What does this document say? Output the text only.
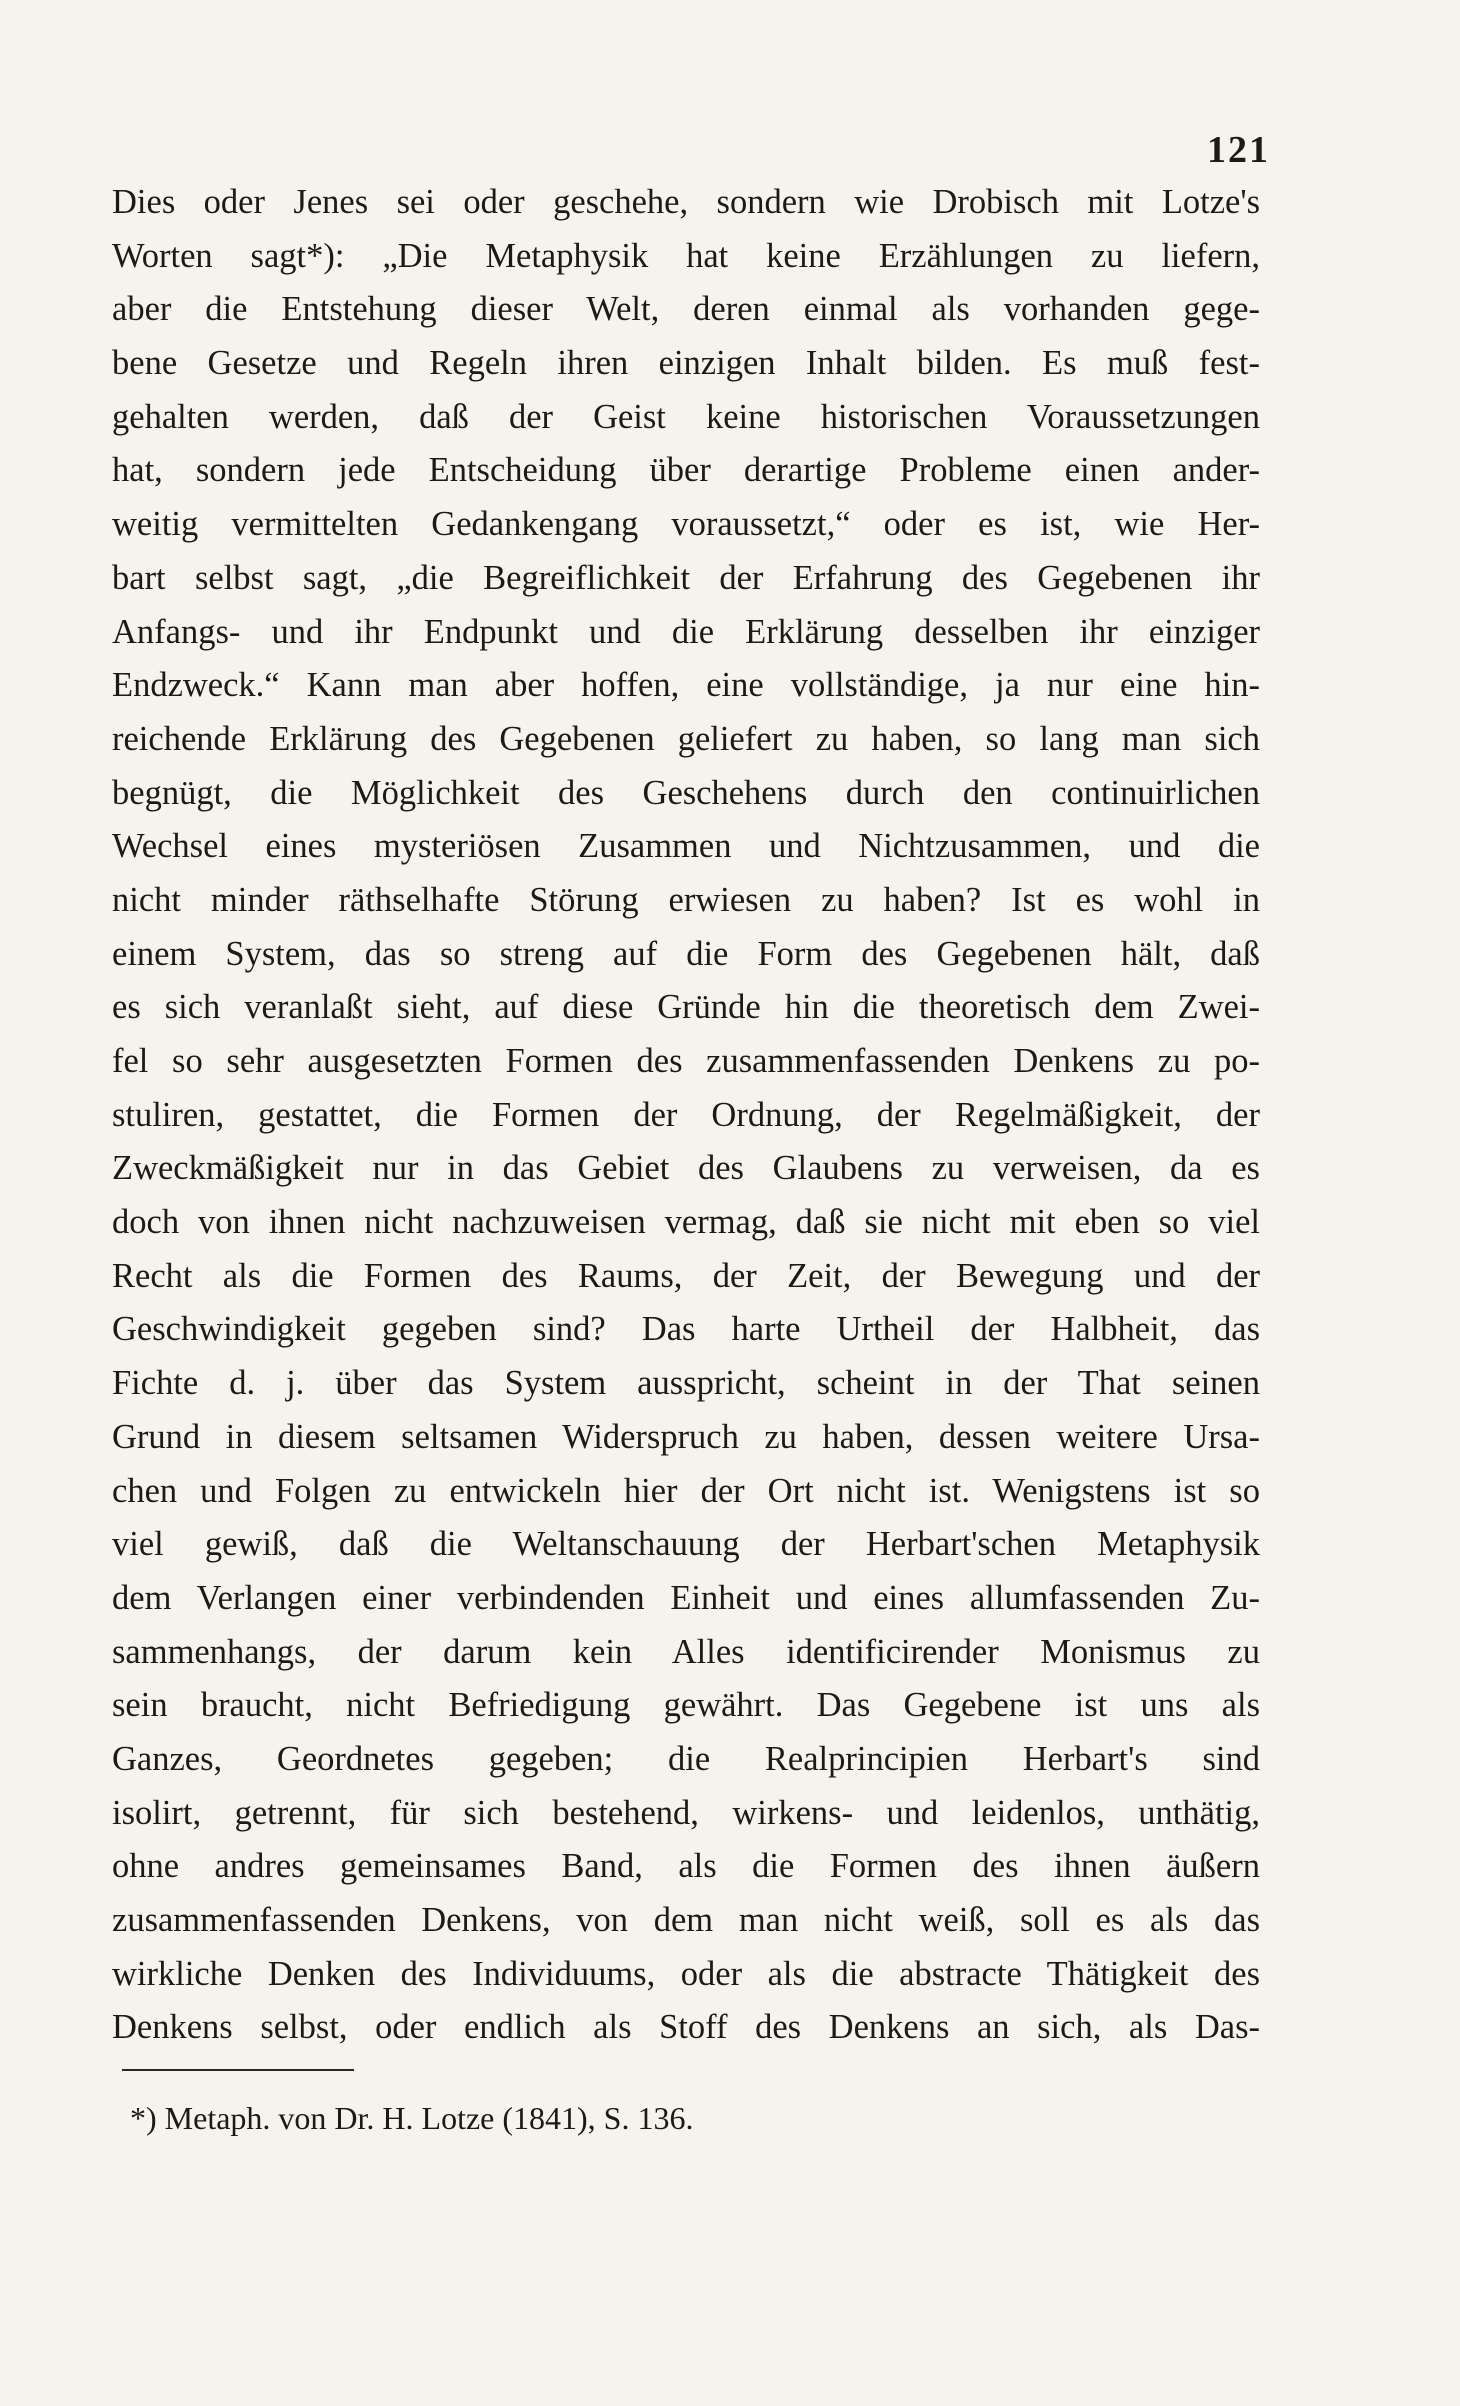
121
Dies oder Jenes sei oder geschehe, sondern wie Drobisch mit Lotze's
Worten sagt*): „Die Metaphysik hat keine Erzählungen zu liefern,
aber die Entstehung dieser Welt, deren einmal als vorhanden gege-
bene Gesetze und Regeln ihren einzigen Inhalt bilden. Es muß fest-
gehalten werden, daß der Geist keine historischen Voraussetzungen
hat, sondern jede Entscheidung über derartige Probleme einen ander-
weitig vermittelten Gedankengang voraussetzt,“ oder es ist, wie Her-
bart selbst sagt, „die Begreiflichkeit der Erfahrung des Gegebenen ihr
Anfangs- und ihr Endpunkt und die Erklärung desselben ihr einziger
Endzweck.“ Kann man aber hoffen, eine vollständige, ja nur eine hin-
reichende Erklärung des Gegebenen geliefert zu haben, so lang man sich
begnügt, die Möglichkeit des Geschehens durch den continuirlichen
Wechsel eines mysteriösen Zusammen und Nichtzusammen, und die
nicht minder räthselhafte Störung erwiesen zu haben? Ist es wohl in
einem System, das so streng auf die Form des Gegebenen hält, daß
es sich veranlaßt sieht, auf diese Gründe hin die theoretisch dem Zwei-
fel so sehr ausgesetzten Formen des zusammenfassenden Denkens zu po-
stuliren, gestattet, die Formen der Ordnung, der Regelmäßigkeit, der
Zweckmäßigkeit nur in das Gebiet des Glaubens zu verweisen, da es
doch von ihnen nicht nachzuweisen vermag, daß sie nicht mit eben so viel
Recht als die Formen des Raums, der Zeit, der Bewegung und der
Geschwindigkeit gegeben sind? Das harte Urtheil der Halbheit, das
Fichte d. j. über das System ausspricht, scheint in der That seinen
Grund in diesem seltsamen Widerspruch zu haben, dessen weitere Ursa-
chen und Folgen zu entwickeln hier der Ort nicht ist. Wenigstens ist so
viel gewiß, daß die Weltanschauung der Herbart'schen Metaphysik
dem Verlangen einer verbindenden Einheit und eines allumfassenden Zu-
sammenhangs, der darum kein Alles identificirender Monismus zu
sein braucht, nicht Befriedigung gewährt. Das Gegebene ist uns als
Ganzes, Geordnetes gegeben; die Realprincipien Herbart's sind
isolirt, getrennt, für sich bestehend, wirkens- und leidenlos, unthätig,
ohne andres gemeinsames Band, als die Formen des ihnen äußern
zusammenfassenden Denkens, von dem man nicht weiß, soll es als das
wirkliche Denken des Individuums, oder als die abstracte Thätigkeit des
Denkens selbst, oder endlich als Stoff des Denkens an sich, als Das-
*) Metaph. von Dr. H. Lotze (1841), S. 136.
